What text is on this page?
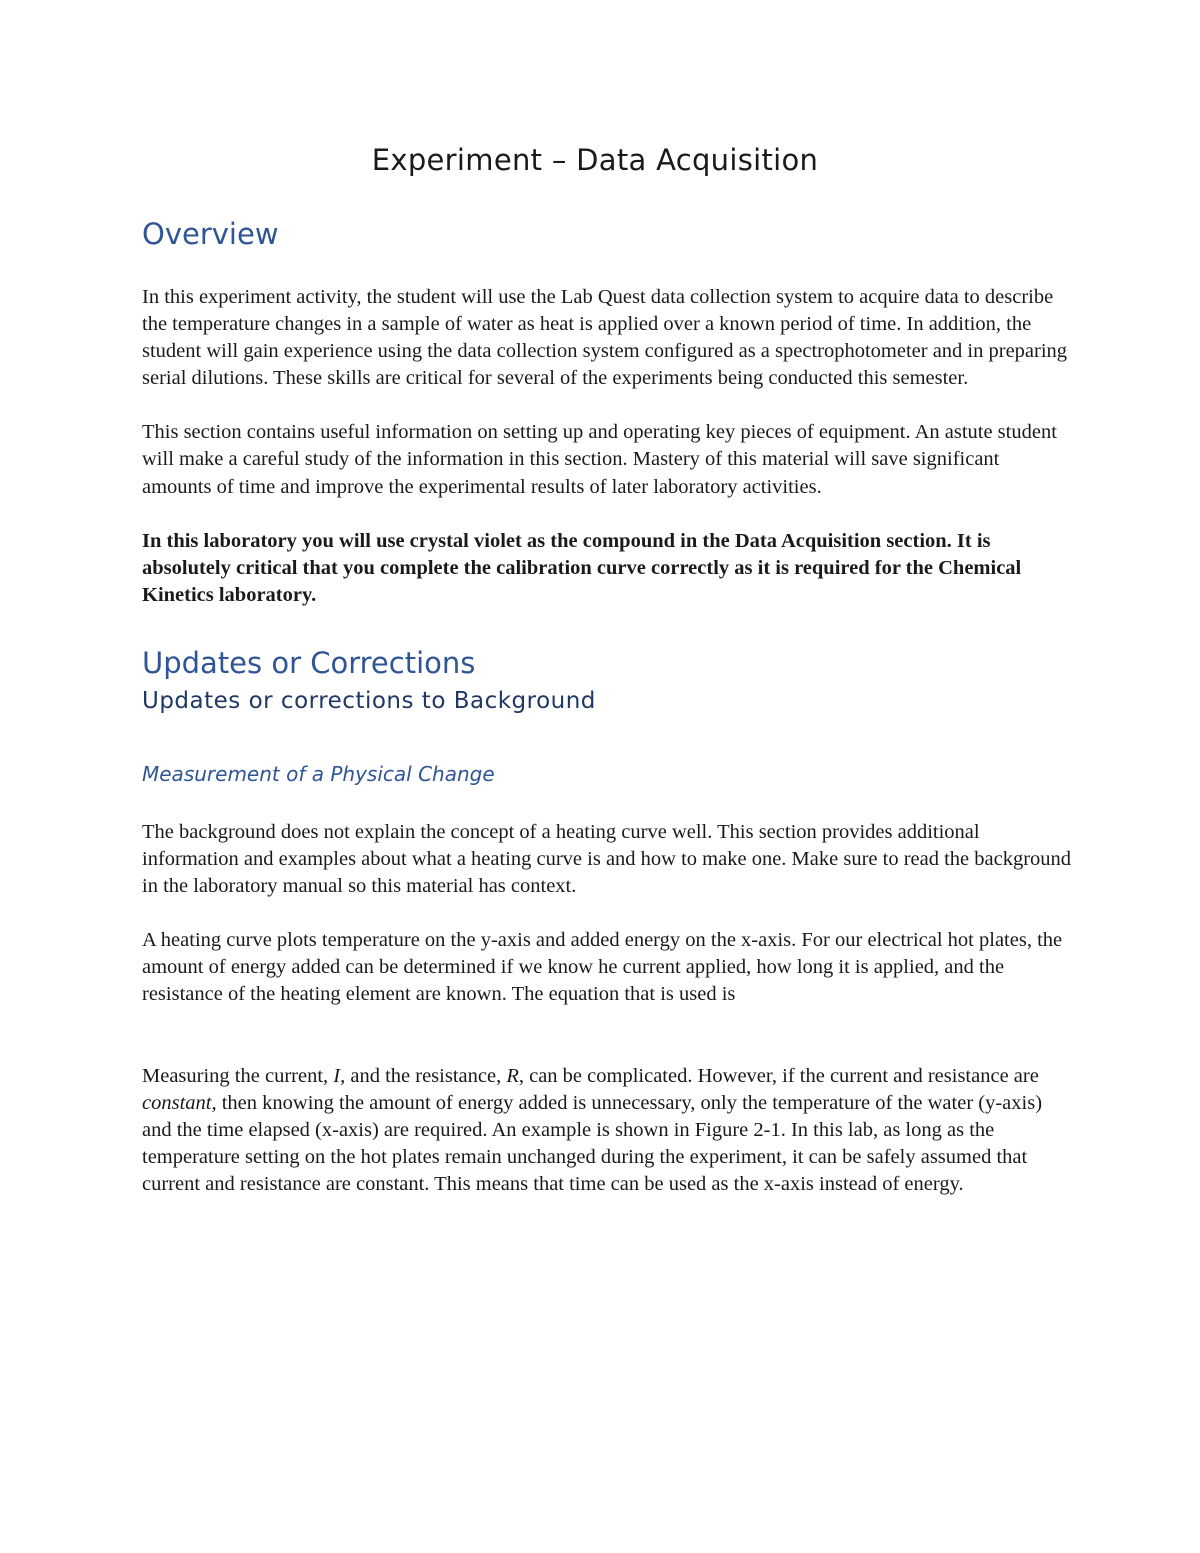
Experiment – Data Acquisition
Overview

In this experiment activity, the student will use the Lab Quest data collection system to acquire data to describe the temperature changes in a sample of water as heat is applied over a known period of time. In addition, the student will gain experience using the data collection system configured as a spectrophotometer and in preparing serial dilutions. These skills are critical for several of the experiments being conducted this semester.

This section contains useful information on setting up and operating key pieces of equipment. An astute student will make a careful study of the information in this section. Mastery of this material will save significant amounts of time and improve the experimental results of later laboratory activities.

In this laboratory you will use crystal violet as the compound in the Data Acquisition section. It is absolutely critical that you complete the calibration curve correctly as it is required for the Chemical Kinetics laboratory.

Updates or Corrections
Updates or corrections to Background
Measurement of a Physical Change

The background does not explain the concept of a heating curve well. This section provides additional information and examples about what a heating curve is and how to make one. Make sure to read the background in the laboratory manual so this material has context.

A heating curve plots temperature on the y-axis and added energy on the x-axis. For our electrical hot plates, the amount of energy added can be determined if we know he current applied, how long it is applied, and the resistance of the heating element are known. The equation that is used is

Measuring the current, I, and the resistance, R, can be complicated. However, if the current and resistance are constant, then knowing the amount of energy added is unnecessary, only the temperature of the water (y-axis) and the time elapsed (x-axis) are required. An example is shown in Figure 2-1. In this lab, as long as the temperature setting on the hot plates remain unchanged during the experiment, it can be safely assumed that current and resistance are constant. This means that time can be used as the x-axis instead of energy.
